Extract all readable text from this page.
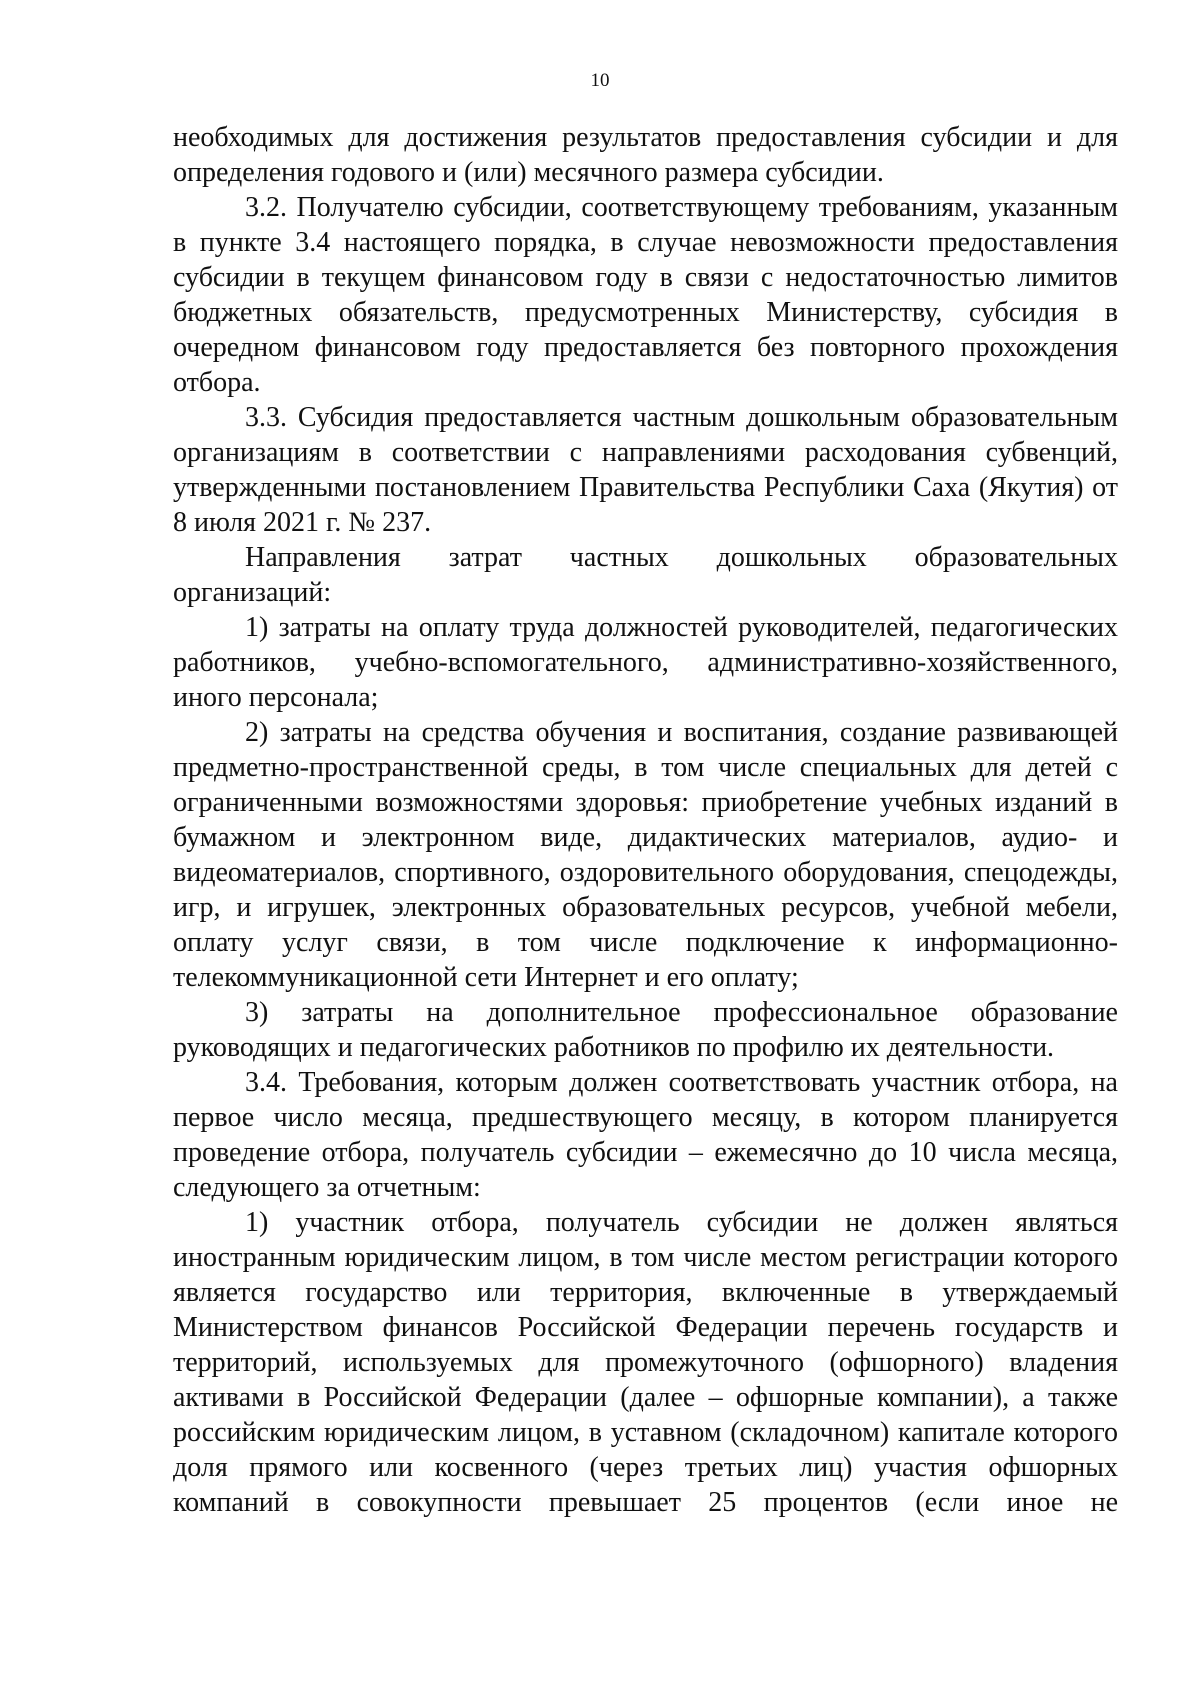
10

необходимых для достижения результатов предоставления субсидии и для определения годового и (или) месячного размера субсидии.

3.2. Получателю субсидии, соответствующему требованиям, указанным в пункте 3.4 настоящего порядка, в случае невозможности предоставления субсидии в текущем финансовом году в связи с недостаточностью лимитов бюджетных обязательств, предусмотренных Министерству, субсидия в очередном финансовом году предоставляется без повторного прохождения отбора.

3.3. Субсидия предоставляется частным дошкольным образовательным организациям в соответствии с направлениями расходования субвенций, утвержденными постановлением Правительства Республики Саха (Якутия) от 8 июля 2021 г. № 237.

Направления затрат частных дошкольных образовательных организаций:

1) затраты на оплату труда должностей руководителей, педагогических работников, учебно-вспомогательного, административно-хозяйственного, иного персонала;

2) затраты на средства обучения и воспитания, создание развивающей предметно-пространственной среды, в том числе специальных для детей с ограниченными возможностями здоровья: приобретение учебных изданий в бумажном и электронном виде, дидактических материалов, аудио- и видеоматериалов, спортивного, оздоровительного оборудования, спецодежды, игр, и игрушек, электронных образовательных ресурсов, учебной мебели, оплату услуг связи, в том числе подключение к информационно-телекоммуникационной сети Интернет и его оплату;

3) затраты на дополнительное профессиональное образование руководящих и педагогических работников по профилю их деятельности.

3.4. Требования, которым должен соответствовать участник отбора, на первое число месяца, предшествующего месяцу, в котором планируется проведение отбора, получатель субсидии – ежемесячно до 10 числа месяца, следующего за отчетным:

1) участник отбора, получатель субсидии не должен являться иностранным юридическим лицом, в том числе местом регистрации которого является государство или территория, включенные в утверждаемый Министерством финансов Российской Федерации перечень государств и территорий, используемых для промежуточного (офшорного) владения активами в Российской Федерации (далее – офшорные компании), а также российским юридическим лицом, в уставном (складочном) капитале которого доля прямого или косвенного (через третьих лиц) участия офшорных компаний в совокупности превышает 25 процентов (если иное не
